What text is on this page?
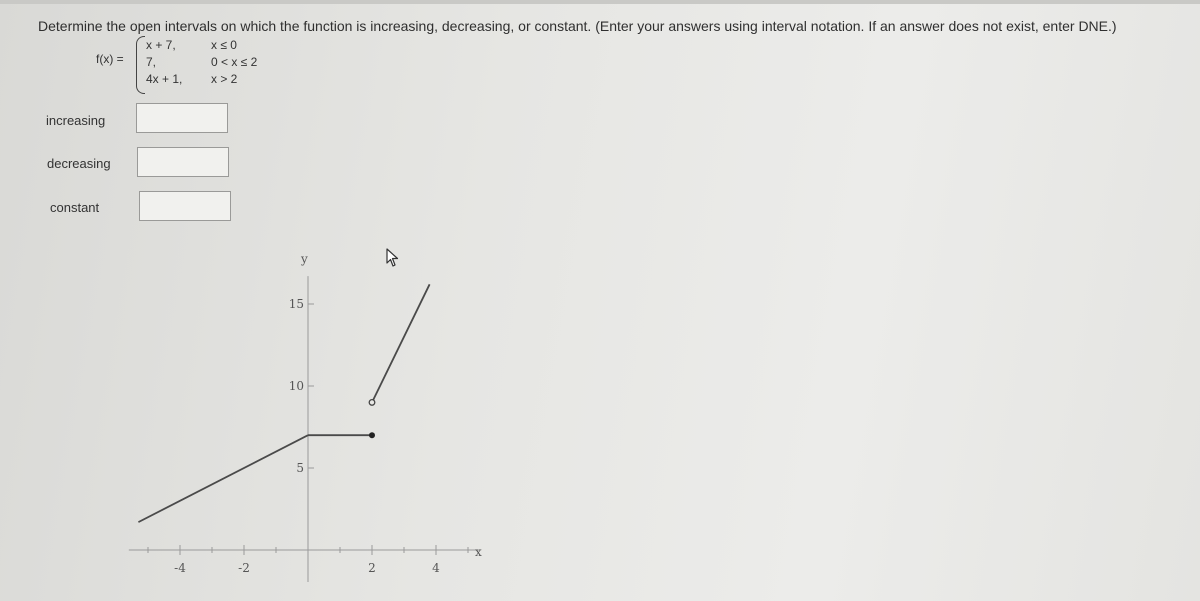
Determine the open intervals on which the function is increasing, decreasing, or constant. (Enter your answers using interval notation. If an answer does not exist, enter DNE.)
f(x) =
x + 7,	x ≤ 0
7,	0 < x ≤ 2
4x + 1, x > 2
increasing
decreasing
constant
-4	-2	2	4
5
10
15
y
x
